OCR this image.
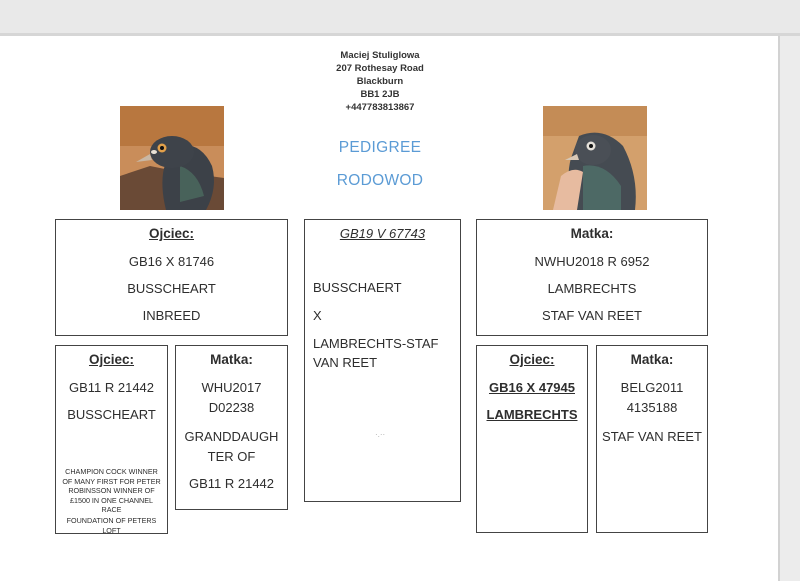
Maciej Stuliglowa
207 Rothesay Road
Blackburn
BB1 2JB
+447783813867
PEDIGREE
RODOWOD
Ojciec:
GB16 X 81746
BUSSCHEART
INBREED
GB19 V 67743
BUSSCHAERT
X
LAMBRECHTS-STAF
VAN REET
·.··
Matka:
NWHU2018 R 6952
LAMBRECHTS
STAF VAN REET
Ojciec:
GB11 R 21442
BUSSCHEART
CHAMPION COCK WINNER OF MANY FIRST FOR PETER ROBINSSON WINNER OF £1500 IN ONE CHANNEL RACE
FOUNDATION OF PETERS LOFT
Matka:
WHU2017
D02238
GRANDDAUGH
TER OF
GB11 R 21442
Ojciec:
GB16 X 47945
LAMBRECHTS
Matka:
BELG2011
4135188
STAF VAN REET
